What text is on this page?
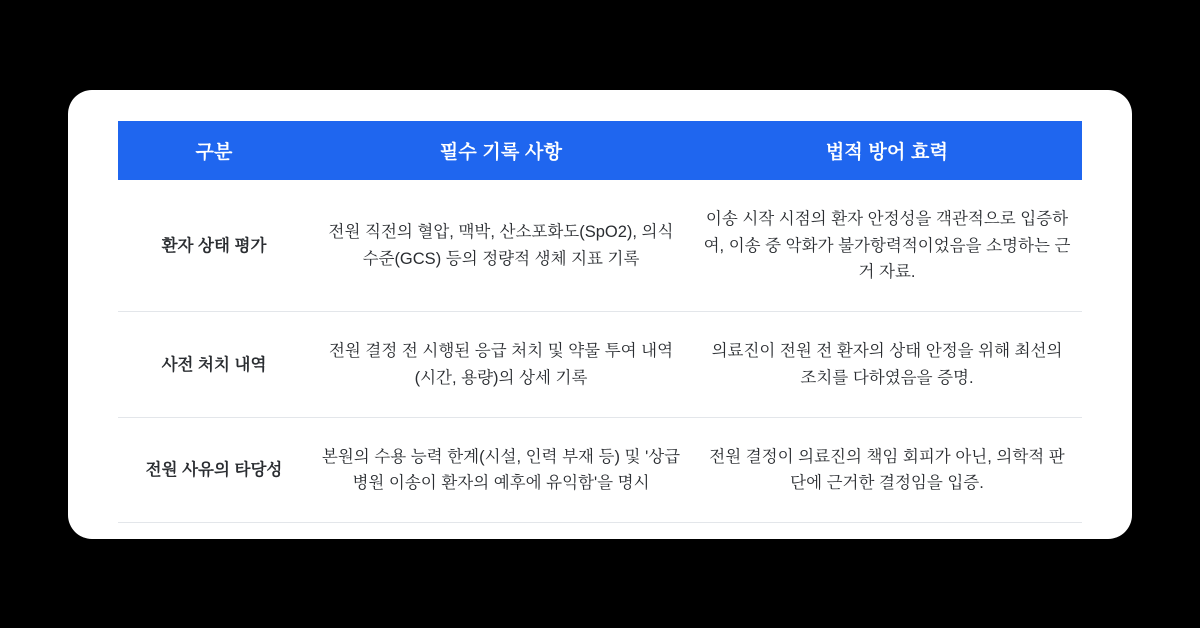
구분	필수 기록 사항	법적 방어 효력
환자 상태 평가	전원 직전의 혈압, 맥박, 산소포화도(SpO2), 의식 수준(GCS) 등의 정량적 생체 지표 기록	이송 시작 시점의 환자 안정성을 객관적으로 입증하여, 이송 중 악화가 불가항력적이었음을 소명하는 근거 자료.
사전 처치 내역	전원 결정 전 시행된 응급 처치 및 약물 투여 내역(시간, 용량)의 상세 기록	의료진이 전원 전 환자의 상태 안정을 위해 최선의 조치를 다하였음을 증명.
전원 사유의 타당성	본원의 수용 능력 한계(시설, 인력 부재 등) 및 '상급 병원 이송이 환자의 예후에 유익함'을 명시	전원 결정이 의료진의 책임 회피가 아닌, 의학적 판단에 근거한 결정임을 입증.
